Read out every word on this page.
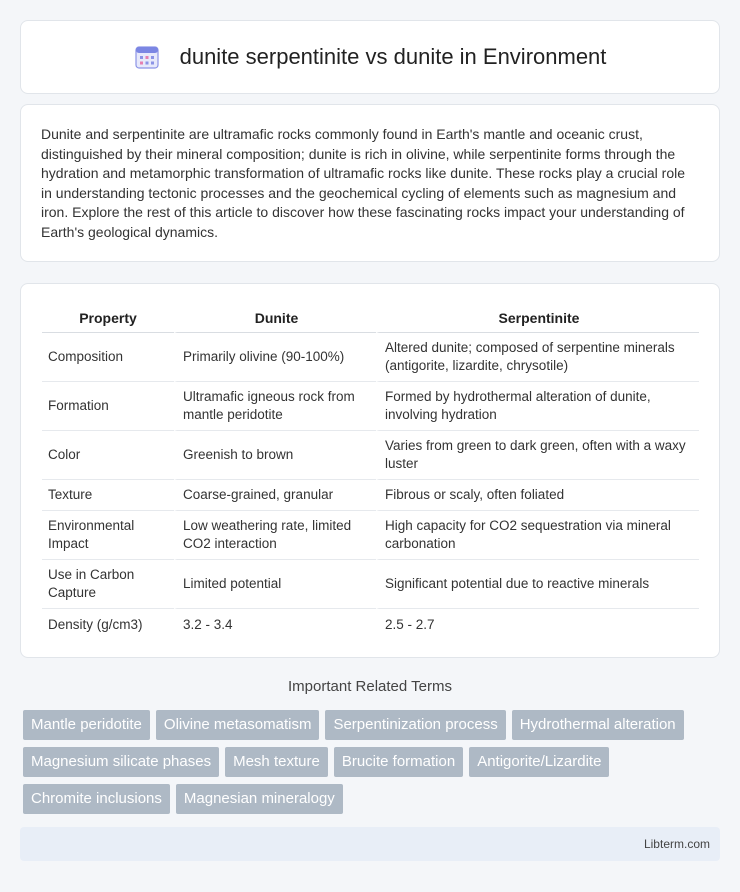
dunite serpentinite vs dunite in Environment

Dunite and serpentinite are ultramafic rocks commonly found in Earth's mantle and oceanic crust, distinguished by their mineral composition; dunite is rich in olivine, while serpentinite forms through the hydration and metamorphic transformation of ultramafic rocks like dunite. These rocks play a crucial role in understanding tectonic processes and the geochemical cycling of elements such as magnesium and iron. Explore the rest of this article to discover how these fascinating rocks impact your understanding of Earth's geological dynamics.

Property	Dunite	Serpentinite
Composition	Primarily olivine (90-100%)	Altered dunite; composed of serpentine minerals (antigorite, lizardite, chrysotile)
Formation	Ultramafic igneous rock from mantle peridotite	Formed by hydrothermal alteration of dunite, involving hydration
Color	Greenish to brown	Varies from green to dark green, often with a waxy luster
Texture	Coarse-grained, granular	Fibrous or scaly, often foliated
Environmental Impact	Low weathering rate, limited CO2 interaction	High capacity for CO2 sequestration via mineral carbonation
Use in Carbon Capture	Limited potential	Significant potential due to reactive minerals
Density (g/cm3)	3.2 - 3.4	2.5 - 2.7
Important Related Terms
Mantle peridotite	Olivine metasomatism	Serpentinization process	Hydrothermal alteration
Magnesium silicate phases	Mesh texture	Brucite formation	Antigorite/Lizardite
Chromite inclusions	Magnesian mineralogy
Libterm.com
